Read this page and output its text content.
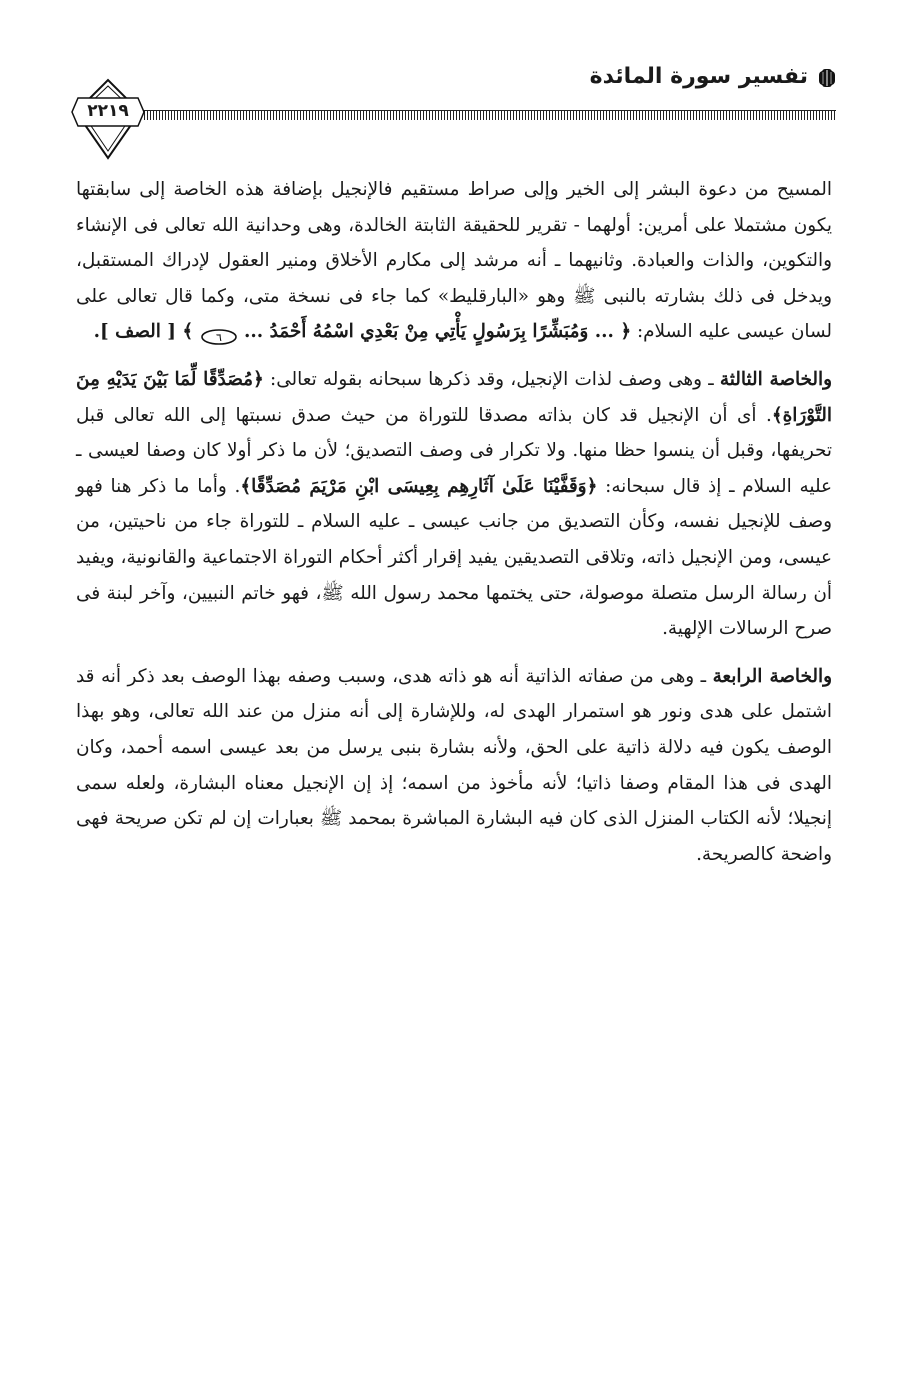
تفسير سورة المائدة
٢٢١٩

المسيح من دعوة البشر إلى الخير وإلى صراط مستقيم فالإنجيل بإضافة هذه الخاصة إلى سابقتها يكون مشتملا على أمرين: أولهما - تقرير للحقيقة الثابتة الخالدة، وهى وحدانية الله تعالى فى الإنشاء والتكوين، والذات والعبادة. وثانيهما ـ أنه مرشد إلى مكارم الأخلاق ومنير العقول لإدراك المستقبل، ويدخل فى ذلك بشارته بالنبى ﷺ وهو «البارقليط» كما جاء فى نسخة متى، وكما قال تعالى على لسان عيسى عليه السلام: ﴿ ... وَمُبَشِّرًا بِرَسُولٍ يَأْتِي مِنْ بَعْدِي اسْمُهُ أَحْمَدُ ...
٦
﴾ [ الصف ].

والخاصة الثالثة ـ وهى وصف لذات الإنجيل، وقد ذكرها سبحانه بقوله تعالى: ﴿مُصَدِّقًا لِّمَا بَيْنَ يَدَيْهِ مِنَ التَّوْرَاةِ﴾. أى أن الإنجيل قد كان بذاته مصدقا للتوراة من حيث صدق نسبتها إلى الله تعالى قبل تحريفها، وقبل أن ينسوا حظا منها. ولا تكرار فى وصف التصديق؛ لأن ما ذكر أولا كان وصفا لعيسى ـ عليه السلام ـ إذ قال سبحانه: ﴿وَقَفَّيْنَا عَلَىٰ آثَارِهِم بِعِيسَى ابْنِ مَرْيَمَ مُصَدِّقًا﴾. وأما ما ذكر هنا فهو وصف للإنجيل نفسه، وكأن التصديق من جانب عيسى ـ عليه السلام ـ للتوراة جاء من ناحيتين، من عيسى، ومن الإنجيل ذاته، وتلاقى التصديقين يفيد إقرار أكثر أحكام التوراة الاجتماعية والقانونية، ويفيد أن رسالة الرسل متصلة موصولة، حتى يختمها محمد رسول الله ﷺ، فهو خاتم النبيين، وآخر لبنة فى صرح الرسالات الإلهية.

والخاصة الرابعة ـ وهى من صفاته الذاتية أنه هو ذاته هدى، وسبب وصفه بهذا الوصف بعد ذكر أنه قد اشتمل على هدى ونور هو استمرار الهدى له، وللإشارة إلى أنه منزل من عند الله تعالى، وهو بهذا الوصف يكون فيه دلالة ذاتية على الحق، ولأنه بشارة بنبى يرسل من بعد عيسى اسمه أحمد، وكان الهدى فى هذا المقام وصفا ذاتيا؛ لأنه مأخوذ من اسمه؛ إذ إن الإنجيل معناه البشارة، ولعله سمى إنجيلا؛ لأنه الكتاب المنزل الذى كان فيه البشارة المباشرة بمحمد ﷺ بعبارات إن لم تكن صريحة فهى واضحة كالصريحة.
